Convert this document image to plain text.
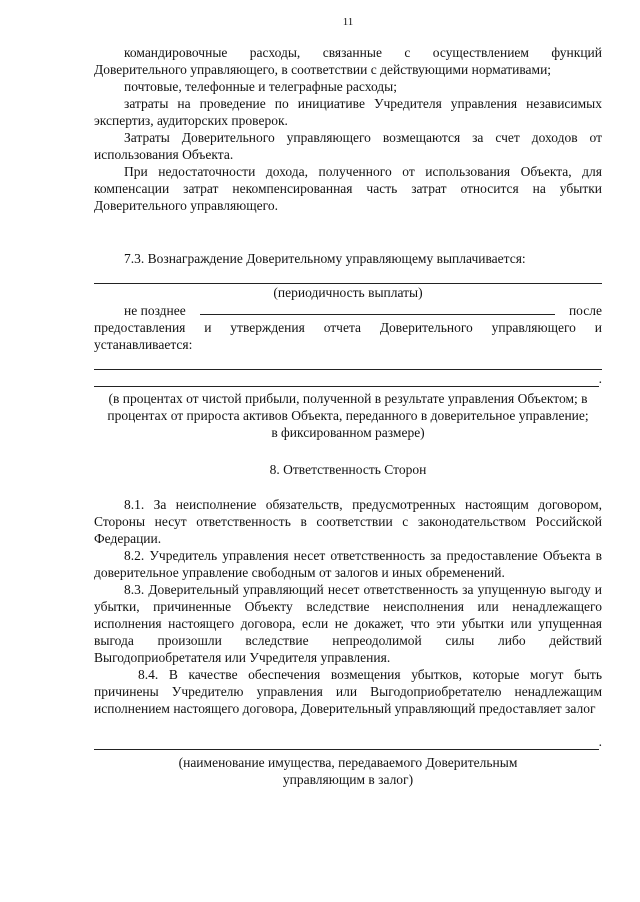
11

командировочные расходы, связанные с осуществлением функций Доверительного управляющего, в соответствии с действующими нормативами;

почтовые, телефонные и телеграфные расходы;

затраты на проведение по инициативе Учредителя управления независимых экспертиз, аудиторских проверок.

Затраты Доверительного управляющего возмещаются за счет доходов от использования Объекта.

При недостаточности дохода, полученного от использования Объекта, для компенсации затрат некомпенсированная часть затрат относится на убытки Доверительного управляющего.

7.3. Вознаграждение Доверительному управляющему выплачивается:

(периодичность выплаты)
не позднее	после

предоставления и утверждения отчета Доверительного управляющего и устанавливается:

.
(в процентах от чистой прибыли, полученной в результате управления Объектом; в процентах от прироста активов Объекта, переданного в доверительное управление; в фиксированном размере)
8. Ответственность Сторон

8.1. За неисполнение обязательств, предусмотренных настоящим договором, Стороны несут ответственность в соответствии с законодательством Российской Федерации.

8.2. Учредитель управления несет ответственность за предоставление Объекта в доверительное управление свободным от залогов и иных обременений.

8.3. Доверительный управляющий несет ответственность за упущенную выгоду и убытки, причиненные Объекту вследствие неисполнения или ненадлежащего исполнения настоящего договора, если не докажет, что эти убытки или упущенная выгода произошли вследствие непреодолимой силы либо действий Выгодоприобретателя или Учредителя управления.

8.4. В качестве обеспечения возмещения убытков, которые могут быть причинены Учредителю управления или Выгодоприобретателю ненадлежащим исполнением настоящего договора, Доверительный управляющий предоставляет залог

.
(наименование имущества, передаваемого Доверительным управляющим в залог)
